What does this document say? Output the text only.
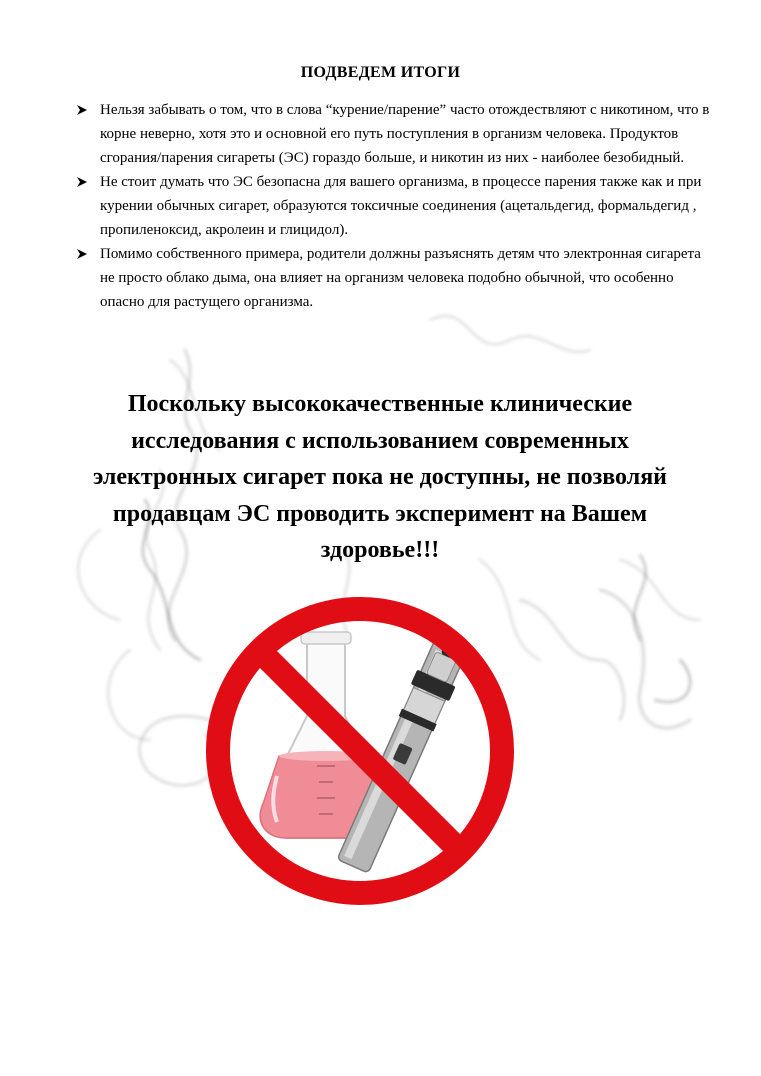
ПОДВЕДЕМ ИТОГИ
Нельзя забывать о том, что в слова “курение/парение” часто отождествляют с никотином, что в корне неверно, хотя это и основной его путь поступления в организм человека. Продуктов сгорания/парения сигареты (ЭС) гораздо больше, и никотин из них - наиболее безобидный.
Не стоит думать что ЭС безопасна для вашего организма, в процессе парения также как и при курении обычных сигарет, образуются токсичные соединения (ацетальдегид, формальдегид , пропиленоксид, акролеин и глицидол).
Помимо собственного примера, родители должны разъяснять детям что электронная сигарета не просто облако дыма, она влияет на организм человека подобно обычной, что особенно опасно для растущего организма.

Поскольку высококачественные клинические исследования с использованием современных электронных сигарет пока не доступны, не позволяй продавцам ЭС проводить эксперимент на Вашем здоровье!!!
